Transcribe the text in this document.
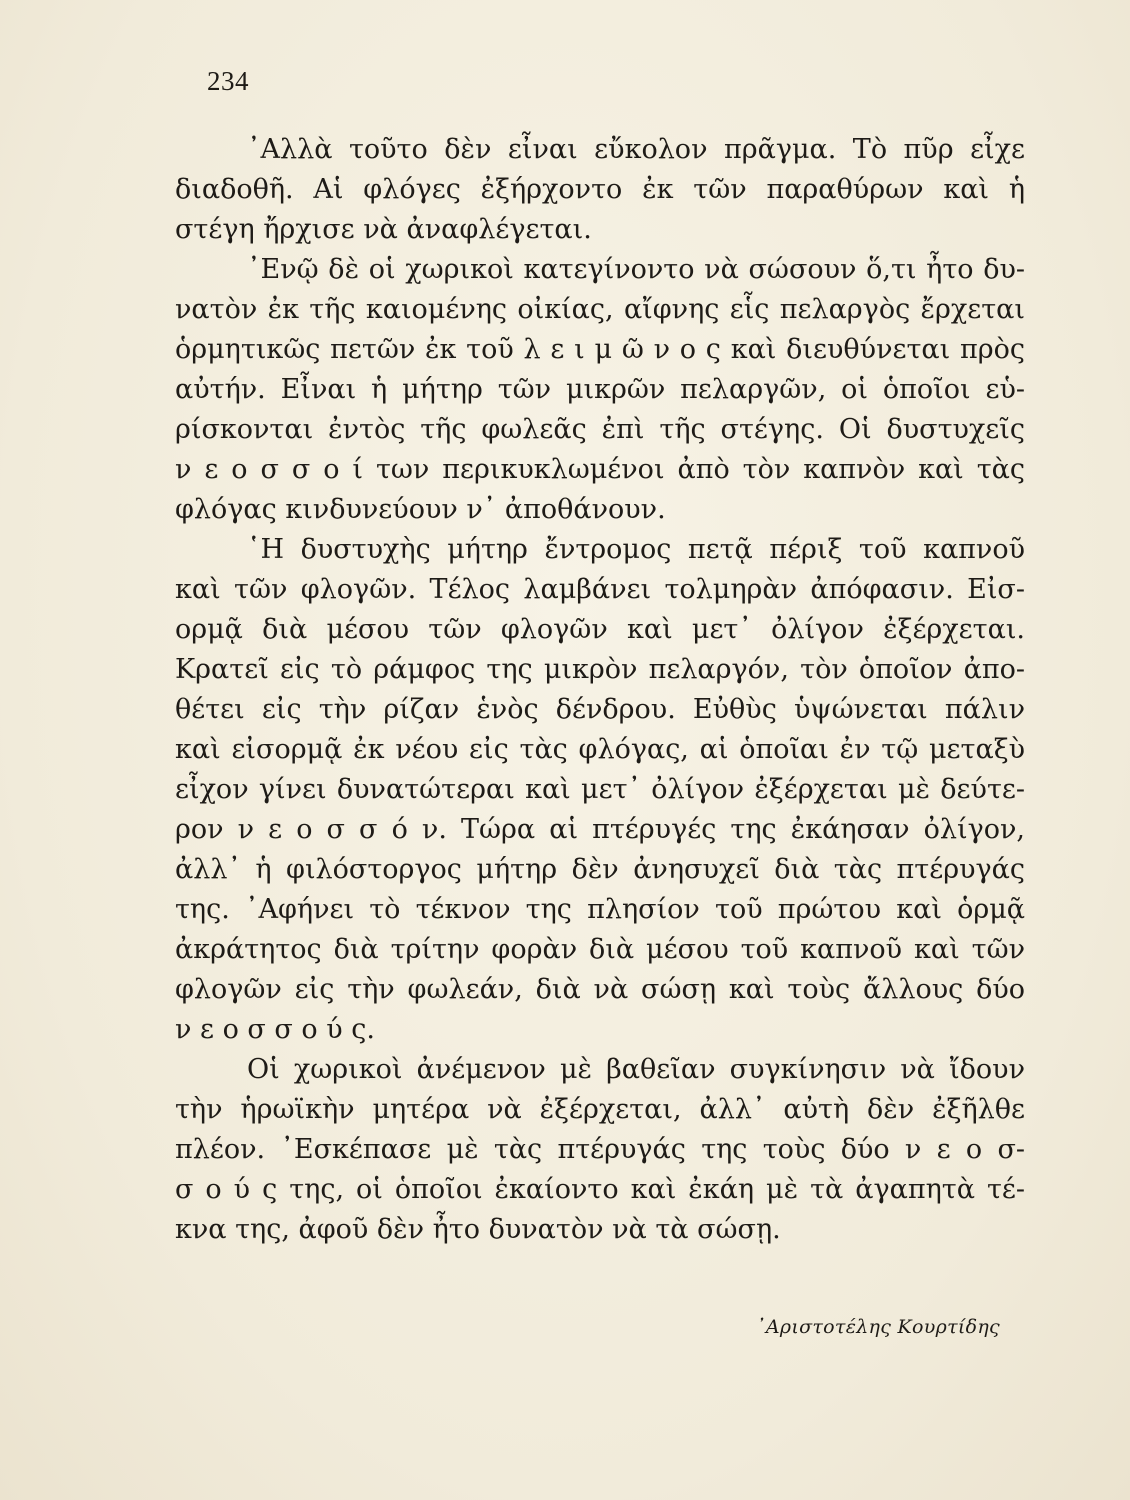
234
᾿Αλλὰ τοῦτο δὲν εἶναι εὔκολον πρᾶγμα. Τὸ πῦρ εἶχε
διαδοθῆ. Αἱ φλόγες ἐξήρχοντο ἐκ τῶν παραθύρων καὶ ἡ
στέγη ἤρχισε νὰ ἀναφλέγεται.
᾿Ενῷ δὲ οἱ χωρικοὶ κατεγίνοντο νὰ σώσουν ὅ,τι ἦτο δυ-
νατὸν ἐκ τῆς καιομένης οἰκίας, αἴφνης εἷς πελαργὸς ἔρχεται
ὁρμητικῶς πετῶν ἐκ τοῦ λ ε ι μ ῶ ν ο ς καὶ διευθύνεται πρὸς
αὐτήν. Εἶναι ἡ μήτηρ τῶν μικρῶν πελαργῶν, οἱ ὁποῖοι εὑ-
ρίσκονται ἐντὸς τῆς φωλεᾶς ἐπὶ τῆς στέγης. Οἱ δυστυχεῖς
ν ε ο σ σ ο ί των περικυκλωμένοι ἀπὸ τὸν καπνὸν καὶ τὰς
φλόγας κινδυνεύουν ν᾿ ἀποθάνουν.
῾Η δυστυχὴς μήτηρ ἔντρομος πετᾷ πέριξ τοῦ καπνοῦ
καὶ τῶν φλογῶν. Τέλος λαμβάνει τολμηρὰν ἀπόφασιν. Εἰσ-
ορμᾷ διὰ μέσου τῶν φλογῶν καὶ μετ᾿ ὀλίγον ἐξέρχεται.
Κρατεῖ εἰς τὸ ράμφος της μικρὸν πελαργόν, τὸν ὁποῖον ἀπο-
θέτει εἰς τὴν ρίζαν ἑνὸς δένδρου. Εὐθὺς ὑψώνεται πάλιν
καὶ εἰσορμᾷ ἐκ νέου εἰς τὰς φλόγας, αἱ ὁποῖαι ἐν τῷ μεταξὺ
εἶχον γίνει δυνατώτεραι καὶ μετ᾿ ὀλίγον ἐξέρχεται μὲ δεύτε-
ρον ν ε ο σ σ ό ν. Τώρα αἱ πτέρυγές της ἐκάησαν ὀλίγον,
ἀλλ᾿ ἡ φιλόστοργος μήτηρ δὲν ἀνησυχεῖ διὰ τὰς πτέρυγάς
της. ᾿Αφήνει τὸ τέκνον της πλησίον τοῦ πρώτου καὶ ὁρμᾷ
ἀκράτητος διὰ τρίτην φορὰν διὰ μέσου τοῦ καπνοῦ καὶ τῶν
φλογῶν εἰς τὴν φωλεάν, διὰ νὰ σώσῃ καὶ τοὺς ἄλλους δύο
ν ε ο σ σ ο ύ ς.
Οἱ χωρικοὶ ἀνέμενον μὲ βαθεῖαν συγκίνησιν νὰ ἴδουν
τὴν ἡρωϊκὴν μητέρα νὰ ἐξέρχεται, ἀλλ᾿ αὐτὴ δὲν ἐξῆλθε
πλέον. ᾿Εσκέπασε μὲ τὰς πτέρυγάς της τοὺς δύο ν ε ο σ-
σ ο ύ ς της, οἱ ὁποῖοι ἐκαίοντο καὶ ἐκάη μὲ τὰ ἀγαπητὰ τέ-
κνα της, ἀφοῦ δὲν ἦτο δυνατὸν νὰ τὰ σώσῃ.
᾿Αριστοτέλης Κουρτίδης
